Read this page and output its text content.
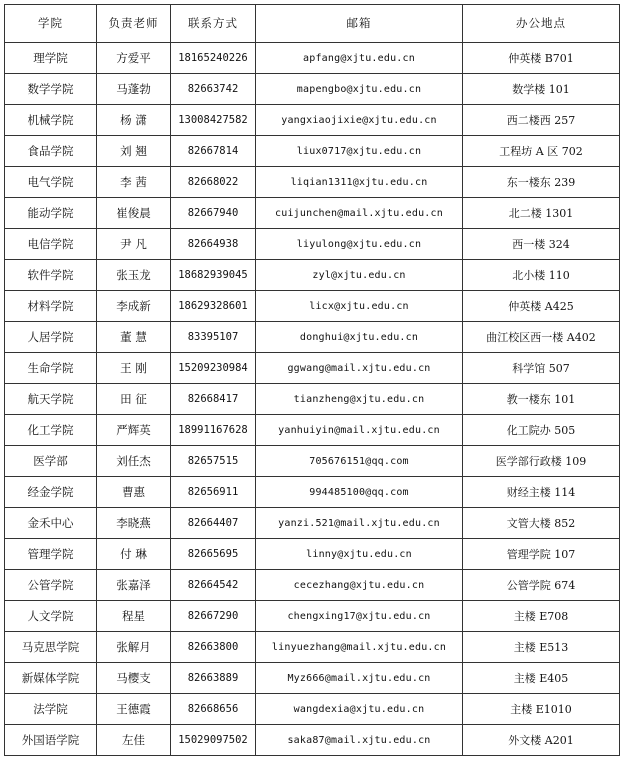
学院	负责老师	联系方式	邮箱	办公地点
理学院	方爱平	18165240226	apfang@xjtu.edu.cn	仲英楼 B701
数学学院	马蓬勃	82663742	mapengbo@xjtu.edu.cn	数学楼 101
机械学院	杨 潇	13008427582	yangxiaojixie@xjtu.edu.cn	西二楼西 257
食品学院	刘 翘	82667814	liux0717@xjtu.edu.cn	工程坊 A 区 702
电气学院	李 茜	82668022	liqian1311@xjtu.edu.cn	东一楼东 239
能动学院	崔俊晨	82667940	cuijunchen@mail.xjtu.edu.cn	北二楼 1301
电信学院	尹 凡	82664938	liyulong@xjtu.edu.cn	西一楼 324
软件学院	张玉龙	18682939045	zyl@xjtu.edu.cn	北小楼 110
材料学院	李成新	18629328601	licx@xjtu.edu.cn	仲英楼 A425
人居学院	董 慧	83395107	donghui@xjtu.edu.cn	曲江校区西一楼 A402
生命学院	王 刚	15209230984	ggwang@mail.xjtu.edu.cn	科学馆 507
航天学院	田 征	82668417	tianzheng@xjtu.edu.cn	教一楼东 101
化工学院	严辉英	18991167628	yanhuiyin@mail.xjtu.edu.cn	化工院办 505
医学部	刘任杰	82657515	705676151@qq.com	医学部行政楼 109
经金学院	曹惠	82656911	994485100@qq.com	财经主楼 114
金禾中心	李晓燕	82664407	yanzi.521@mail.xjtu.edu.cn	文管大楼 852
管理学院	付 琳	82665695	linny@xjtu.edu.cn	管理学院 107
公管学院	张嘉泽	82664542	cecezhang@xjtu.edu.cn	公管学院 674
人文学院	程星	82667290	chengxing17@xjtu.edu.cn	主楼 E708
马克思学院	张解月	82663800	linyuezhang@mail.xjtu.edu.cn	主楼 E513
新媒体学院	马樱支	82663889	Myz666@mail.xjtu.edu.cn	主楼 E405
法学院	王德霞	82668656	wangdexia@xjtu.edu.cn	主楼 E1010
外国语学院	左佳	15029097502	saka87@mail.xjtu.edu.cn	外文楼 A201
